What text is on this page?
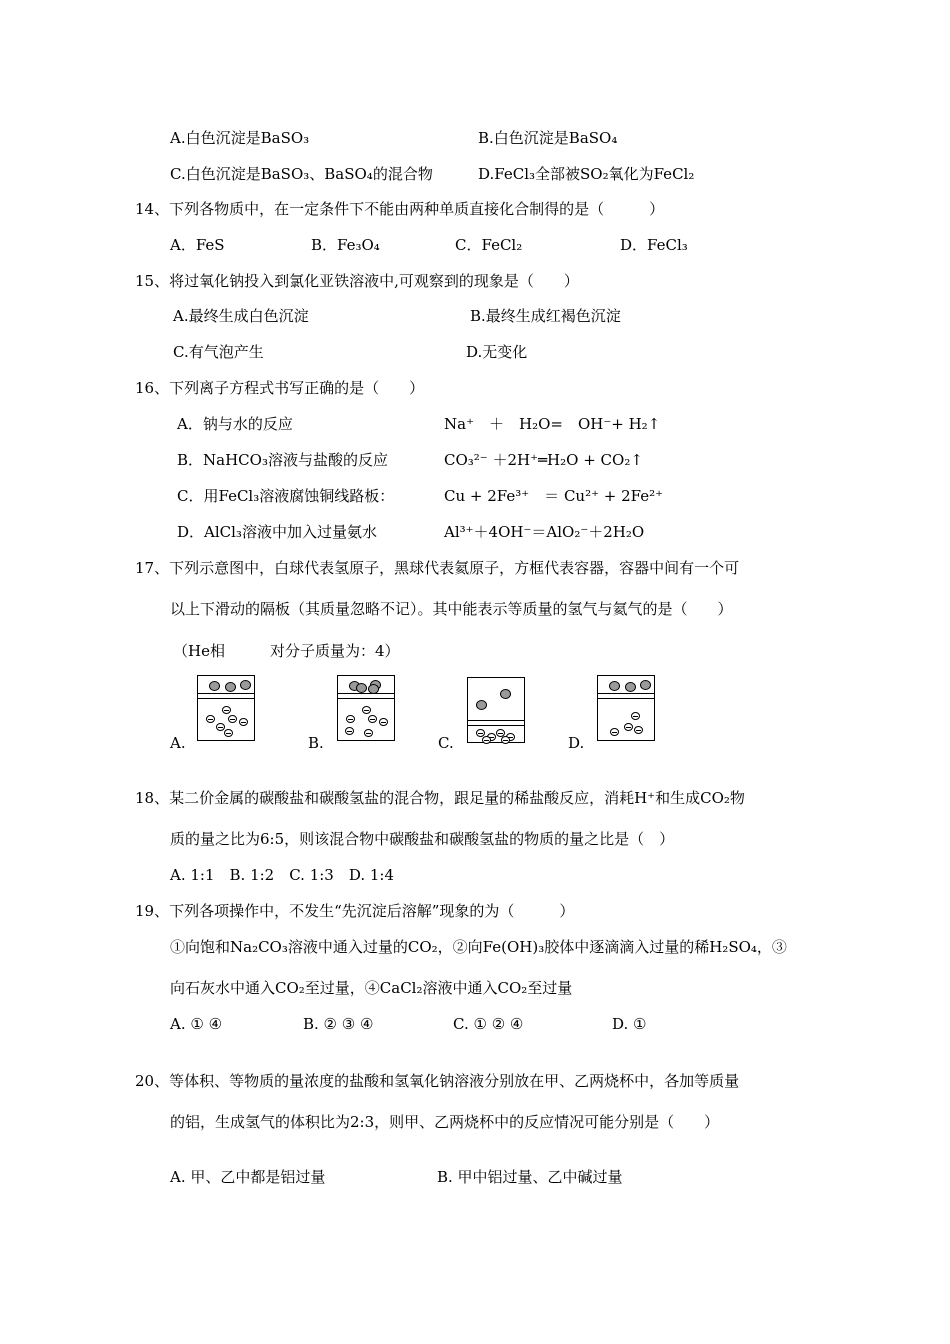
A.白色沉淀是BaSO₃	B.白色沉淀是BaSO₄
C.白色沉淀是BaSO₃、BaSO₄的混合物	D.FeCl₃全部被SO₂氧化为FeCl₂
14、下列各物质中，在一定条件下不能由两种单质直接化合制得的是（　　　）
A．FeS	B．Fe₃O₄	C．FeCl₂	D．FeCl₃
15、将过氧化钠投入到氯化亚铁溶液中,可观察到的现象是（　　）
A.最终生成白色沉淀	B.最终生成红褐色沉淀
C.有气泡产生	D.无变化
16、下列离子方程式书写正确的是（　　）
A．钠与水的反应	Na⁺　＋　H₂O=　OH⁻+ H₂↑
B．NaHCO₃溶液与盐酸的反应	CO₃²⁻ ＋2H⁺═H₂O + CO₂↑
C．用FeCl₃溶液腐蚀铜线路板：	Cu + 2Fe³⁺　＝ Cu²⁺ + 2Fe²⁺
D．AlCl₃溶液中加入过量氨水	Al³⁺＋4OH⁻＝AlO₂⁻＋2H₂O
17、下列示意图中，白球代表氢原子，黑球代表氦原子，方框代表容器，容器中间有一个可
以上下滑动的隔板（其质量忽略不记）。其中能表示等质量的氢气与氦气的是（　　）
（He相　　　对分子质量为：4）
A.	B.	C.	D.
18、某二价金属的碳酸盐和碳酸氢盐的混合物，跟足量的稀盐酸反应，消耗H⁺和生成CO₂物
质的量之比为6:5，则该混合物中碳酸盐和碳酸氢盐的物质的量之比是（　）
A. 1:1　B. 1:2　C. 1:3　D. 1:4
19、下列各项操作中，不发生“先沉淀后溶解”现象的为（　　　）
①向饱和Na₂CO₃溶液中通入过量的CO₂，②向Fe(OH)₃胶体中逐滴滴入过量的稀H₂SO₄，③
向石灰水中通入CO₂至过量，④CaCl₂溶液中通入CO₂至过量
A. ① ④	B. ② ③ ④	C. ① ② ④	D. ①
20、等体积、等物质的量浓度的盐酸和氢氧化钠溶液分别放在甲、乙两烧杯中，各加等质量
的铝，生成氢气的体积比为2:3，则甲、乙两烧杯中的反应情况可能分别是（　　）
A. 甲、乙中都是铝过量	B. 甲中铝过量、乙中碱过量
